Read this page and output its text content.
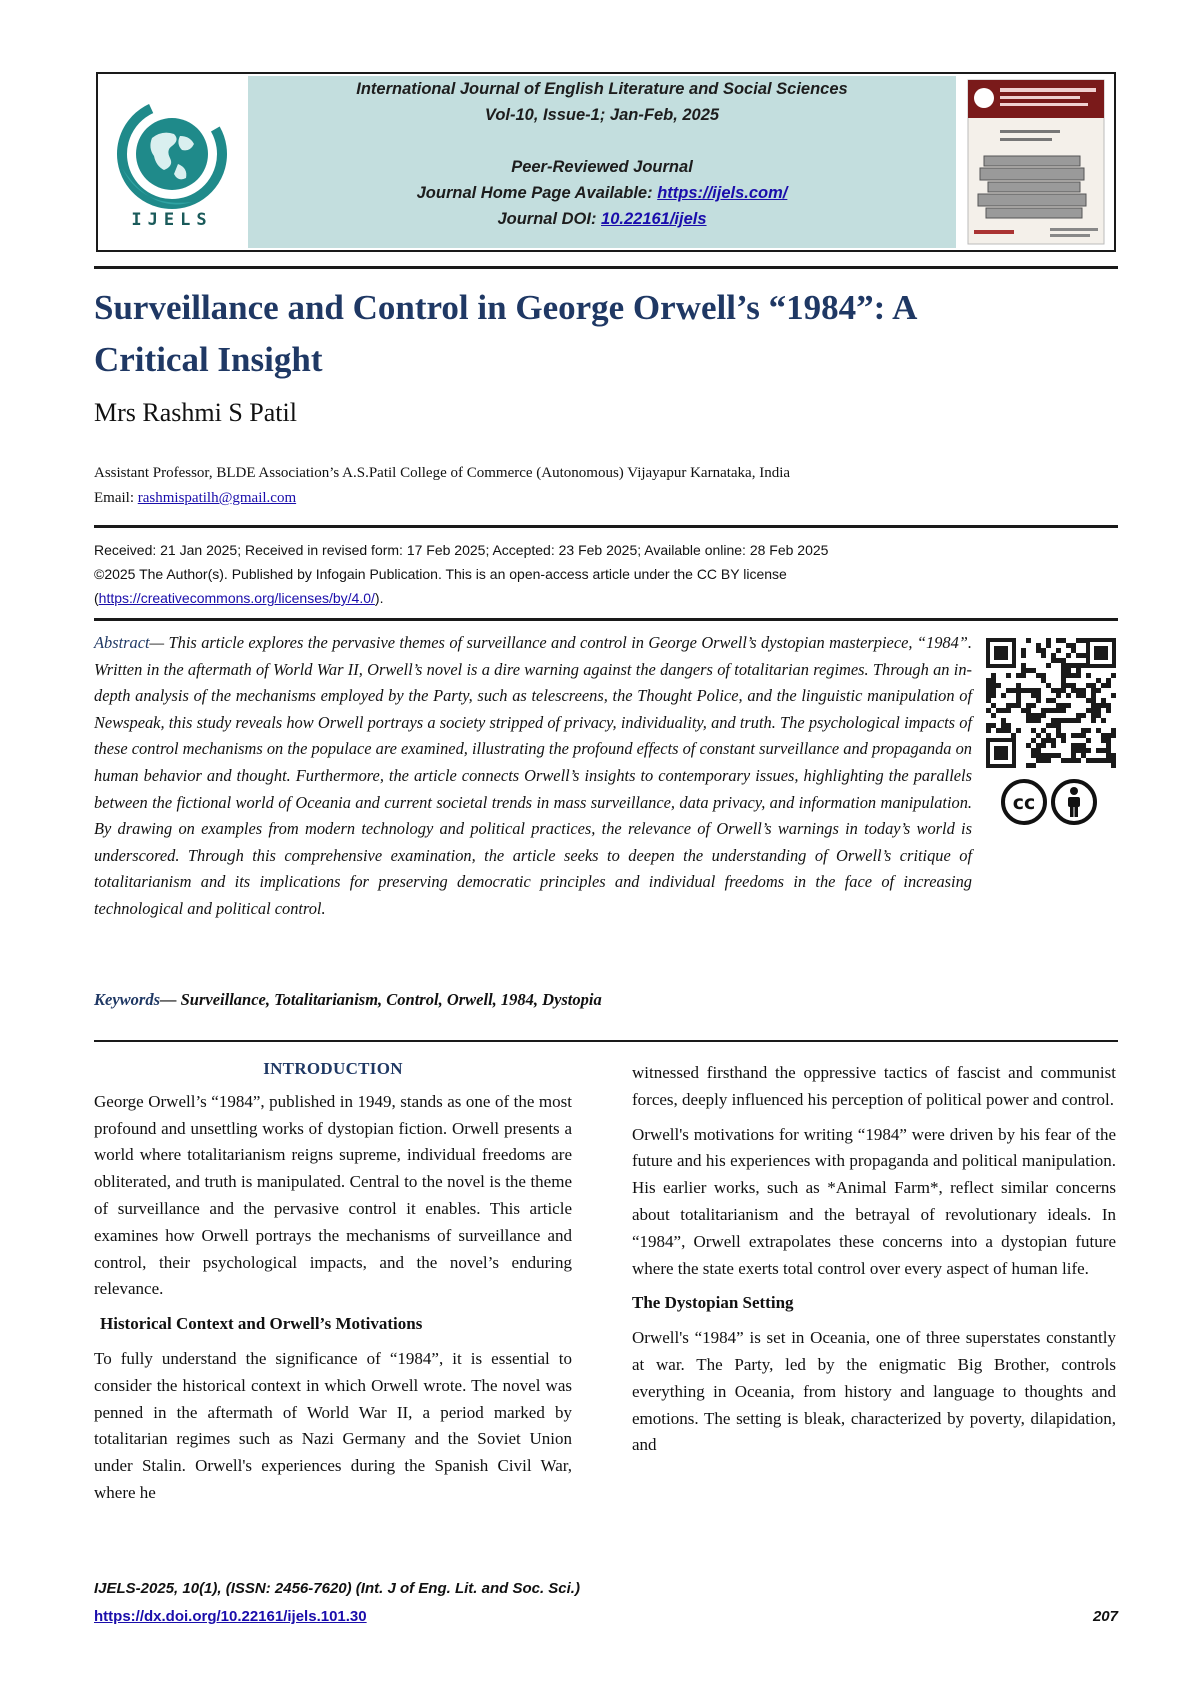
IJELS
International Journal of English Literature and Social Sciences
Vol-10, Issue-1; Jan-Feb, 2025
Peer-Reviewed Journal
Journal Home Page Available: https://ijels.com/
Journal DOI: 10.22161/ijels
Surveillance and Control in George Orwell’s “1984”: A
Critical Insight
Mrs Rashmi S Patil
Assistant Professor, BLDE Association’s A.S.Patil College of Commerce (Autonomous) Vijayapur Karnataka, India
Email: rashmispatilh@gmail.com
Received: 21 Jan 2025; Received in revised form: 17 Feb 2025; Accepted: 23 Feb 2025; Available online: 28 Feb 2025
©2025 The Author(s). Published by Infogain Publication. This is an open-access article under the CC BY license
(https://creativecommons.org/licenses/by/4.0/).
Abstract— This article explores the pervasive themes of surveillance and control in George Orwell’s dystopian masterpiece, “1984”. Written in the aftermath of World War II, Orwell’s novel is a dire warning against the dangers of totalitarian regimes. Through an in-depth analysis of the mechanisms employed by the Party, such as telescreens, the Thought Police, and the linguistic manipulation of Newspeak, this study reveals how Orwell portrays a society stripped of privacy, individuality, and truth. The psychological impacts of these control mechanisms on the populace are examined, illustrating the profound effects of constant surveillance and propaganda on human behavior and thought. Furthermore, the article connects Orwell’s insights to contemporary issues, highlighting the parallels between the fictional world of Oceania and current societal trends in mass surveillance, data privacy, and information manipulation. By drawing on examples from modern technology and political practices, the relevance of Orwell’s warnings in today’s world is underscored. Through this comprehensive examination, the article seeks to deepen the understanding of Orwell’s critique of totalitarianism and its implications for preserving democratic principles and individual freedoms in the face of increasing technological and political control.
Keywords— Surveillance, Totalitarianism, Control, Orwell, 1984, Dystopia
cc
INTRODUCTION

George Orwell’s “1984”, published in 1949, stands as one of the most profound and unsettling works of dystopian fiction. Orwell presents a world where totalitarianism reigns supreme, individual freedoms are obliterated, and truth is manipulated. Central to the novel is the theme of surveillance and the pervasive control it enables. This article examines how Orwell portrays the mechanisms of surveillance and control, their psychological impacts, and the novel’s enduring relevance.

Historical Context and Orwell’s Motivations

To fully understand the significance of “1984”, it is essential to consider the historical context in which Orwell wrote. The novel was penned in the aftermath of World War II, a period marked by totalitarian regimes such as Nazi Germany and the Soviet Union under Stalin. Orwell's experiences during the Spanish Civil War, where he

witnessed firsthand the oppressive tactics of fascist and communist forces, deeply influenced his perception of political power and control.

Orwell's motivations for writing “1984” were driven by his fear of the future and his experiences with propaganda and political manipulation. His earlier works, such as *Animal Farm*, reflect similar concerns about totalitarianism and the betrayal of revolutionary ideals. In “1984”, Orwell extrapolates these concerns into a dystopian future where the state exerts total control over every aspect of human life.

The Dystopian Setting

Orwell's “1984” is set in Oceania, one of three superstates constantly at war. The Party, led by the enigmatic Big Brother, controls everything in Oceania, from history and language to thoughts and emotions. The setting is bleak, characterized by poverty, dilapidation, and

IJELS-2025, 10(1), (ISSN: 2456-7620) (Int. J of Eng. Lit. and Soc. Sci.)
https://dx.doi.org/10.22161/ijels.101.30	207
